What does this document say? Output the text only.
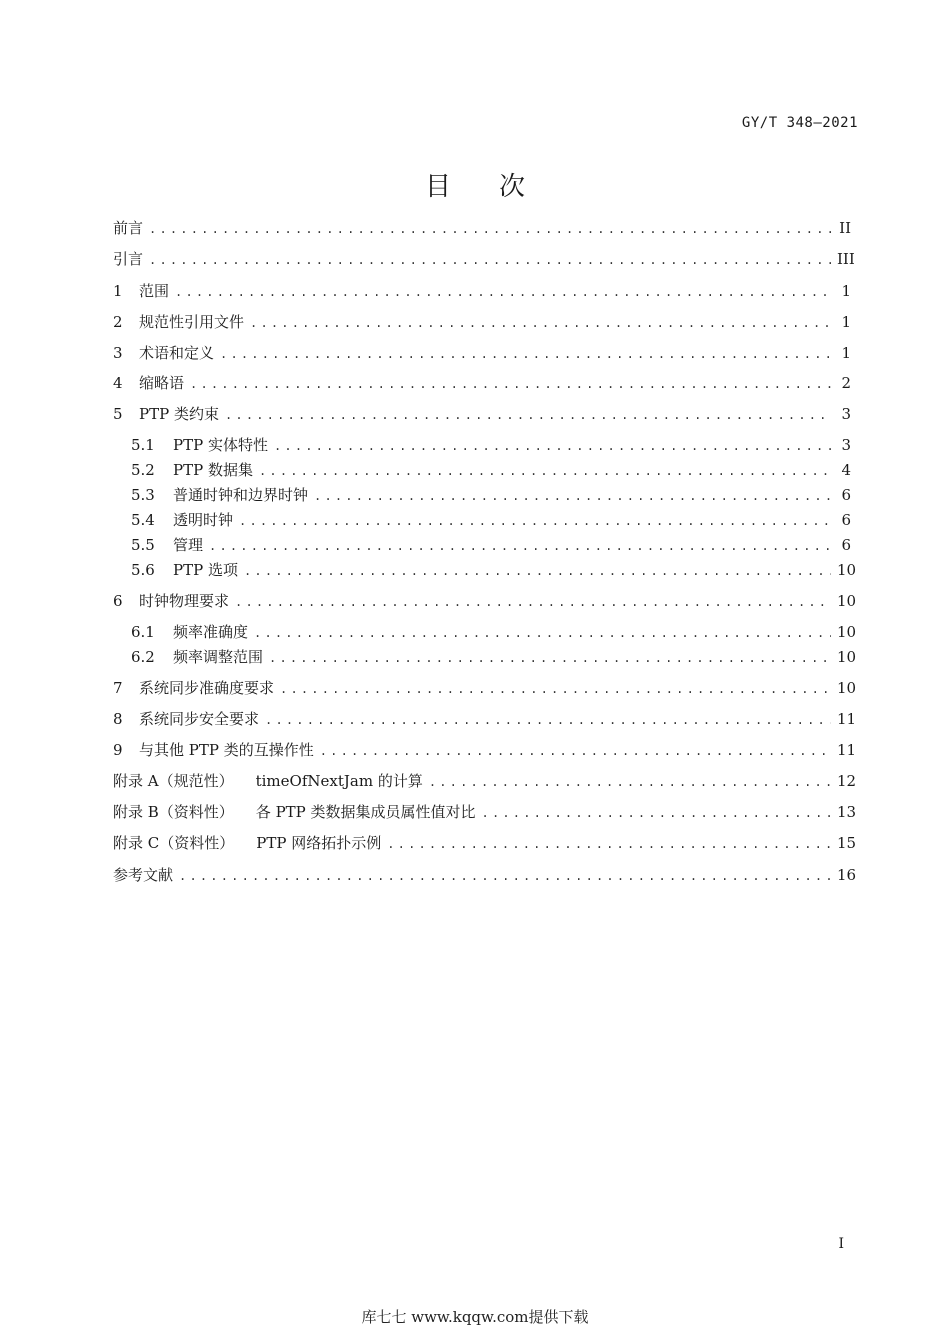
GY/T 348—2021
目次
前言 .....	II
引言 .....	III
1	范围 .....	1
2	规范性引用文件 .....	1
3	术语和定义 .....	1
4	缩略语 .....	2
5	PTP 类约束 .....	3
5.1	PTP 实体特性 .....	3
5.2	PTP 数据集 .....	4
5.3	普通时钟和边界时钟 .....	6
5.4	透明时钟 .....	6
5.5	管理 .....	6
5.6	PTP 选项 .....	10
6	时钟物理要求 .....	10
6.1	频率准确度 .....	10
6.2	频率调整范围 .....	10
7	系统同步准确度要求 .....	10
8	系统同步安全要求 .....	11
9	与其他 PTP 类的互操作性 .....	11
附录 A（规范性） timeOfNextJam 的计算 .....	12
附录 B（资料性） 各 PTP 类数据集成员属性值对比 .....	13
附录 C（资料性） PTP 网络拓扑示例 .....	15
参考文献 .....	16
I
库七七 www.kqqw.com提供下载
